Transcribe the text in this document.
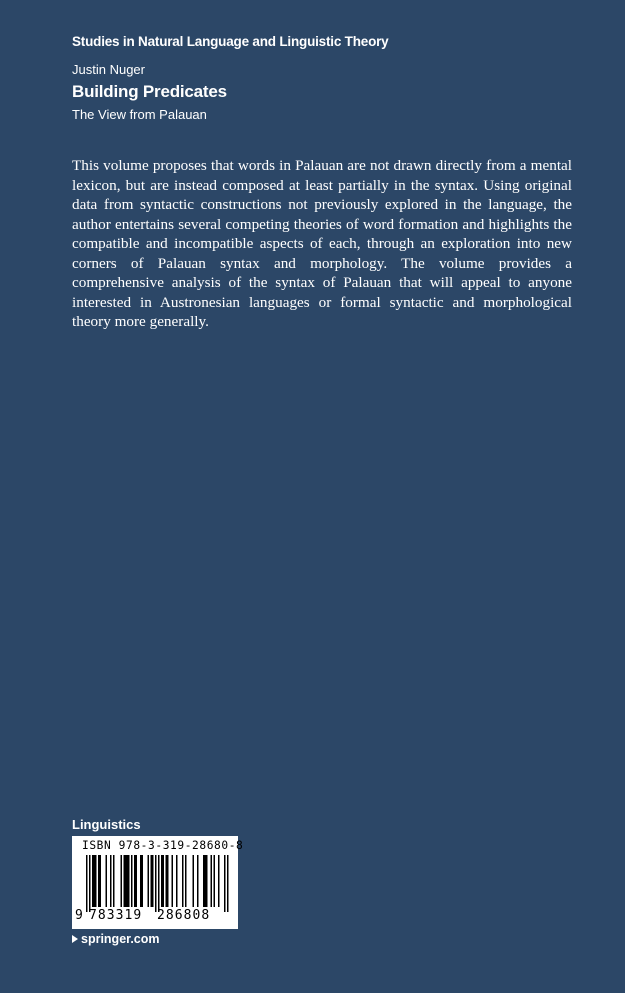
Studies in Natural Language and Linguistic Theory
Justin Nuger
Building Predicates
The View from Palauan

This volume proposes that words in Palauan are not drawn directly from a mental lexicon, but are instead composed at least partially in the syntax. Using original data from syntactic constructions not previously explored in the language, the author entertains several competing theories of word formation and highlights the compatible and incompatible aspects of each, through an exploration into new corners of Palauan syntax and morphology. The volume provides a comprehensive analysis of the syntax of Palauan that will appeal to anyone interested in Austronesian languages or formal syntactic and morphological theory more generally.

Linguistics
ISBN 978-3-319-28680-8
9 783319 286808
springer.com
